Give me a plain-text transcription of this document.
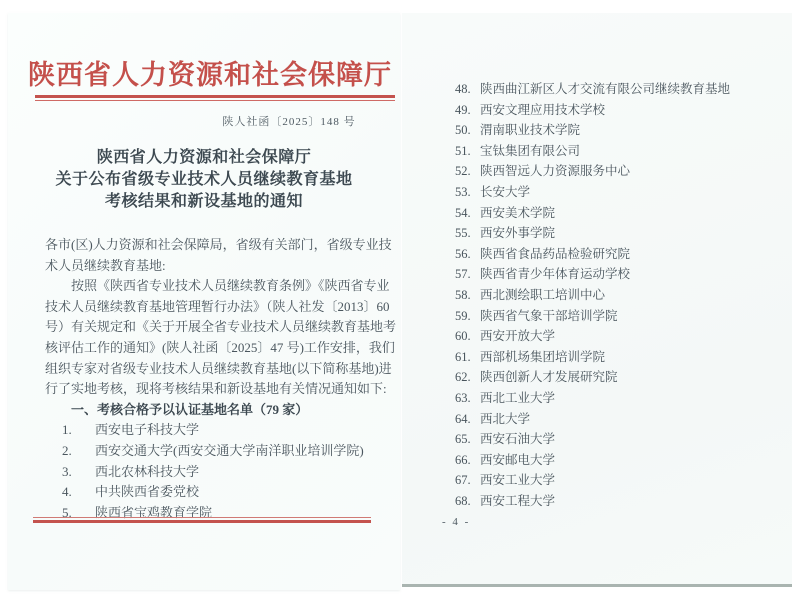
陕西省人力资源和社会保障厅
陕人社函〔2025〕148 号
陕西省人力资源和社会保障厅
关于公布省级专业技术人员继续教育基地
考核结果和新设基地的通知
各市(区)人力资源和社会保障局，省级有关部门，省级专业技
术人员继续教育基地:
　　按照《陕西省专业技术人员继续教育条例》《陕西省专业
技术人员继续教育基地管理暂行办法》（陕人社发〔2013〕60
号）有关规定和《关于开展全省专业技术人员继续教育基地考
核评估工作的通知》(陕人社函〔2025〕47 号)工作安排，我们
组织专家对省级专业技术人员继续教育基地(以下简称基地)进
行了实地考核，现将考核结果和新设基地有关情况通知如下:
一、考核合格予以认证基地名单（79 家）
1.	西安电子科技大学
2.	西安交通大学(西安交通大学南洋职业培训学院)
3.	西北农林科技大学
4.	中共陕西省委党校
5.	陕西省宝鸡教育学院
48. 陕西曲江新区人才交流有限公司继续教育基地
49. 西安文理应用技术学校
50. 渭南职业技术学院
51. 宝钛集团有限公司
52. 陕西智远人力资源服务中心
53. 长安大学
54. 西安美术学院
55. 西安外事学院
56. 陕西省食品药品检验研究院
57. 陕西省青少年体育运动学校
58. 西北测绘职工培训中心
59. 陕西省气象干部培训学院
60. 西安开放大学
61. 西部机场集团培训学院
62. 陕西创新人才发展研究院
63. 西北工业大学
64. 西北大学
65. 西安石油大学
66. 西安邮电大学
67. 西安工业大学
68. 西安工程大学
- 4 -
